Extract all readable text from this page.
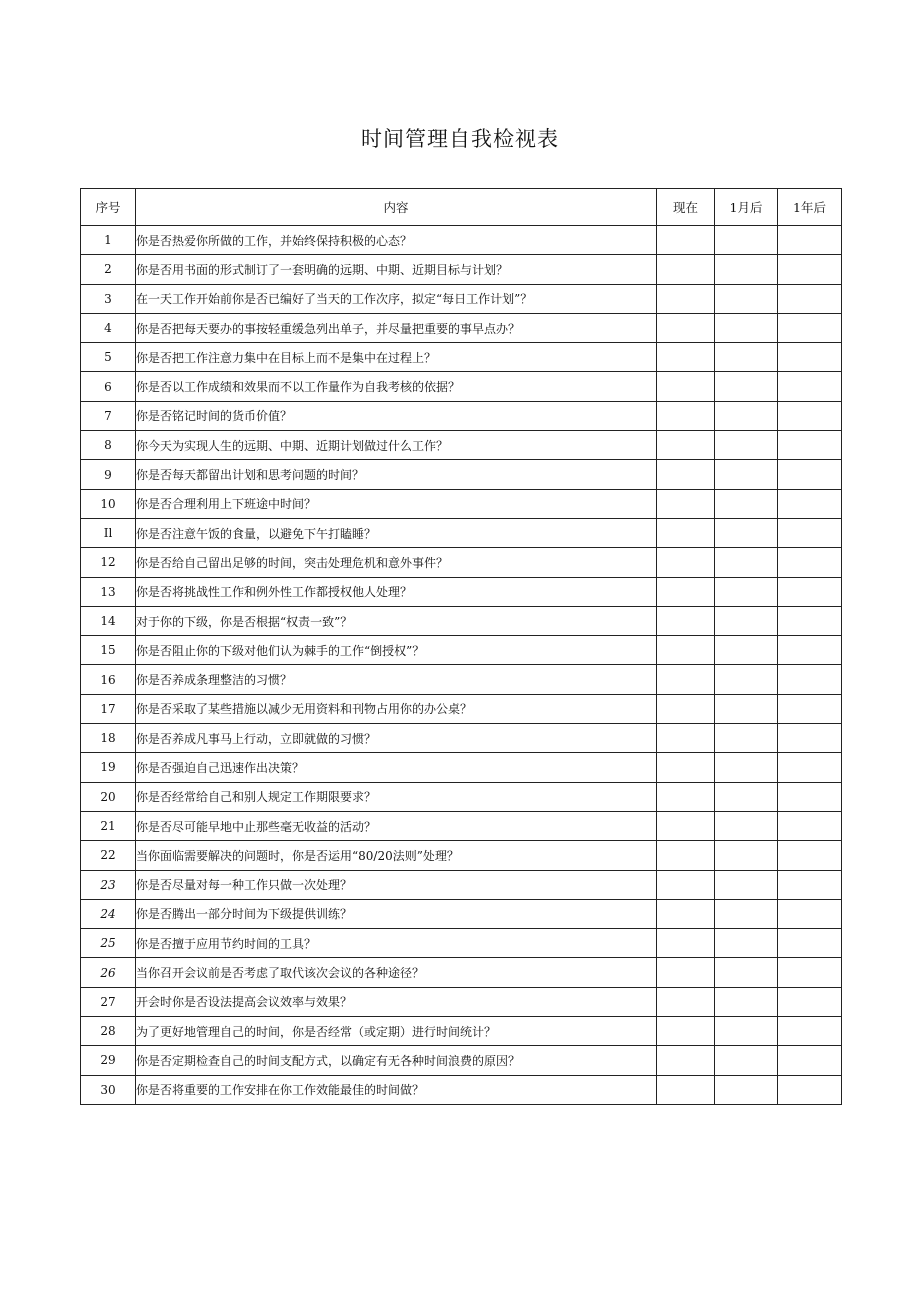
时间管理自我检视表
序号	内容	现在	1月后	1年后
1	你是否热爱你所做的工作，并始终保持积极的心态？			
2	你是否用书面的形式制订了一套明确的远期、中期、近期目标与计划？			
3	在一天工作开始前你是否已编好了当天的工作次序，拟定“每日工作计划”？			
4	你是否把每天要办的事按轻重缓急列出单子，并尽量把重要的事早点办？			
5	你是否把工作注意力集中在目标上而不是集中在过程上？			
6	你是否以工作成绩和效果而不以工作量作为自我考核的依据？			
7	你是否铭记时间的货币价值？			
8	你今天为实现人生的远期、中期、近期计划做过什么工作？			
9	你是否每天都留出计划和思考问题的时间？			
10	你是否合理利用上下班途中时间？			
Il	你是否注意午饭的食量，以避免下午打瞌睡？			
12	你是否给自己留出足够的时间，突击处理危机和意外事件？			
13	你是否将挑战性工作和例外性工作都授权他人处理？			
14	对于你的下级，你是否根据“权责一致”？			
15	你是否阻止你的下级对他们认为棘手的工作“倒授权”？			
16	你是否养成条理整洁的习惯？			
17	你是否采取了某些措施以减少无用资料和刊物占用你的办公桌？			
18	你是否养成凡事马上行动，立即就做的习惯？			
19	你是否强迫自己迅速作出决策？			
20	你是否经常给自己和别人规定工作期限要求？			
21	你是否尽可能早地中止那些毫无收益的活动？			
22	当你面临需要解决的问题时，你是否运用“80/20法则”处理？			
23	你是否尽量对每一种工作只做一次处理？			
24	你是否腾出一部分时间为下级提供训练？			
25	你是否擅于应用节约时间的工具？			
26	当你召开会议前是否考虑了取代该次会议的各种途径？			
27	开会时你是否设法提高会议效率与效果？			
28	为了更好地管理自己的时间，你是否经常（或定期）进行时间统计？			
29	你是否定期检查自己的时间支配方式，以确定有无各种时间浪费的原因？			
30	你是否将重要的工作安排在你工作效能最佳的时间做？			
